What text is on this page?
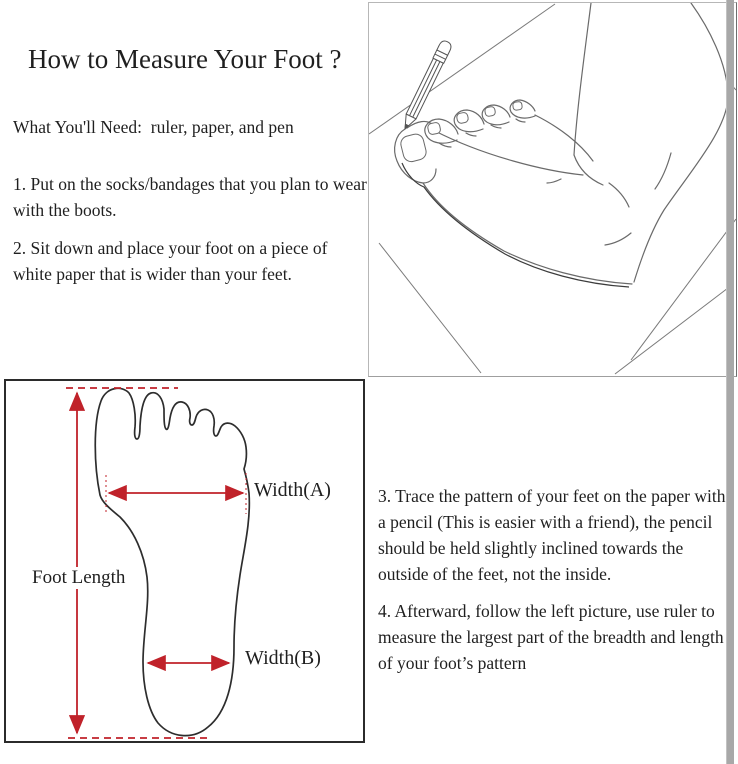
How to Measure Your Foot ?
What You'll Need:  ruler, paper, and pen
1. Put on the socks/bandages that you plan to wear with the boots.
2. Sit down and place your foot on a piece of white paper that is wider than your feet.
3. Trace the pattern of your feet on the paper with a pencil (This is easier with a friend), the pencil should be held slightly inclined towards the outside of the feet, not the inside.
4. Afterward, follow the left picture, use ruler to measure the largest part of the breadth and length of your foot’s pattern
Foot Length
Width(A)
Width(B)
